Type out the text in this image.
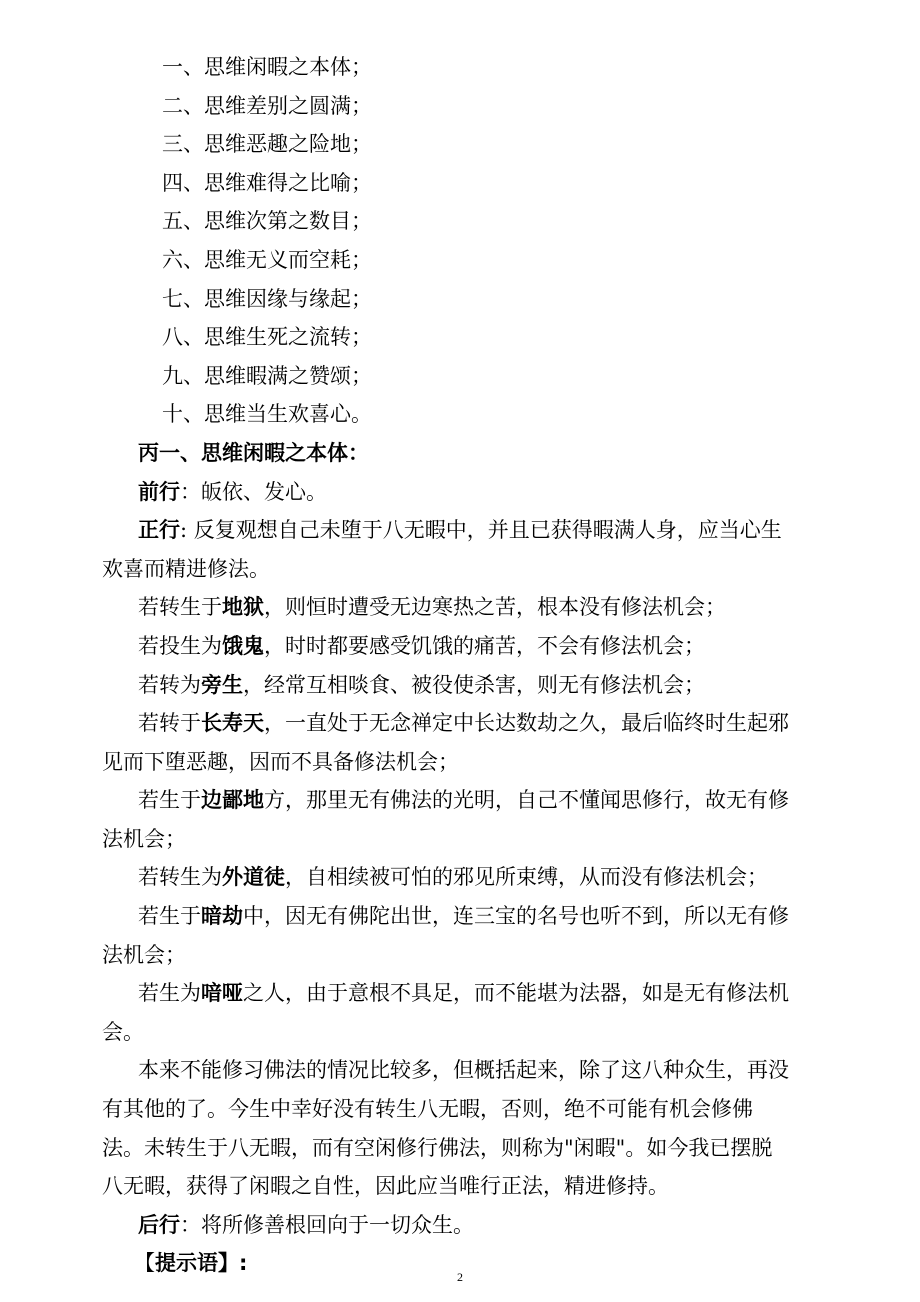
一、思维闲暇之本体；
二、思维差别之圆满；
三、思维恶趣之险地；
四、思维难得之比喻；
五、思维次第之数目；
六、思维无义而空耗；
七、思维因缘与缘起；
八、思维生死之流转；
九、思维暇满之赞颂；
十、思维当生欢喜心。
丙一、思维闲暇之本体：
前行：皈依、发心。
正行: 反复观想自己未堕于八无暇中，并且已获得暇满人身，应当心生欢喜而精进修法。
若转生于地狱，则恒时遭受无边寒热之苦，根本没有修法机会；
若投生为饿鬼，时时都要感受饥饿的痛苦，不会有修法机会；
若转为旁生，经常互相啖食、被役使杀害，则无有修法机会；
若转于长寿天，一直处于无念禅定中长达数劫之久，最后临终时生起邪见而下堕恶趣，因而不具备修法机会；
若生于边鄙地方，那里无有佛法的光明，自己不懂闻思修行，故无有修法机会；
若转生为外道徒，自相续被可怕的邪见所束缚，从而没有修法机会；
若生于暗劫中，因无有佛陀出世，连三宝的名号也听不到，所以无有修法机会；
若生为喑哑之人，由于意根不具足，而不能堪为法器，如是无有修法机会。
本来不能修习佛法的情况比较多，但概括起来，除了这八种众生，再没有其他的了。今生中幸好没有转生八无暇，否则，绝不可能有机会修佛法。未转生于八无暇，而有空闲修行佛法，则称为"闲暇"。如今我已摆脱八无暇，获得了闲暇之自性，因此应当唯行正法，精进修持。
后行：将所修善根回向于一切众生。
【提示语】:
2
